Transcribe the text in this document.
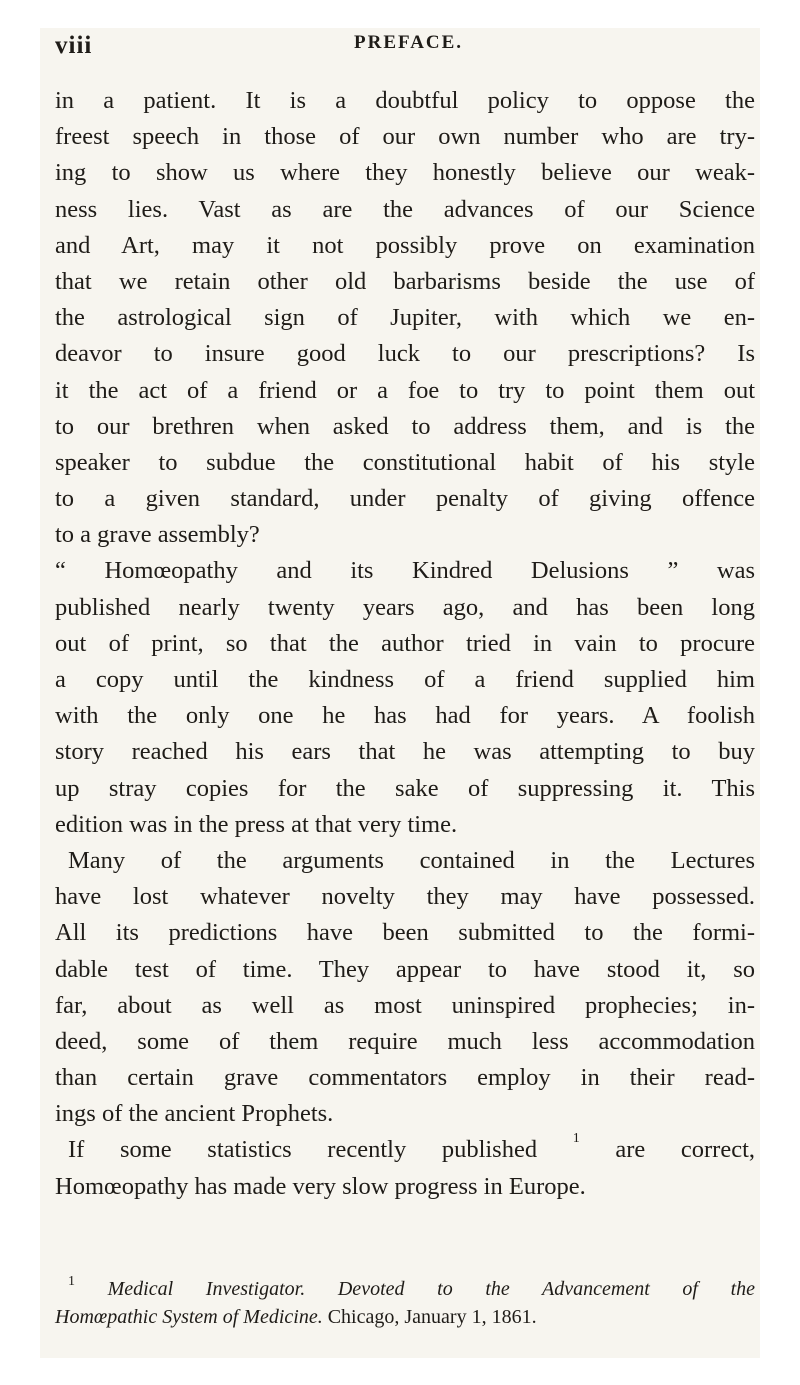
viii	PREFACE.
in a patient. It is a doubtful policy to oppose the
freest speech in those of our own number who are try-
ing to show us where they honestly believe our weak-
ness lies. Vast as are the advances of our Science
and Art, may it not possibly prove on examination
that we retain other old barbarisms beside the use of
the astrological sign of Jupiter, with which we en-
deavor to insure good luck to our prescriptions? Is
it the act of a friend or a foe to try to point them out
to our brethren when asked to address them, and is the
speaker to subdue the constitutional habit of his style
to a given standard, under penalty of giving offence
to a grave assembly?
“ Homœopathy and its Kindred Delusions ” was
published nearly twenty years ago, and has been long
out of print, so that the author tried in vain to procure
a copy until the kindness of a friend supplied him
with the only one he has had for years. A foolish
story reached his ears that he was attempting to buy
up stray copies for the sake of suppressing it. This
edition was in the press at that very time.
Many of the arguments contained in the Lectures
have lost whatever novelty they may have possessed.
All its predictions have been submitted to the formi-
dable test of time. They appear to have stood it, so
far, about as well as most uninspired prophecies; in-
deed, some of them require much less accommodation
than certain grave commentators employ in their read-
ings of the ancient Prophets.
If some statistics recently published	$^1$ are correct,
Homœopathy has made very slow progress in Europe.
$^1$ Medical Investigator. Devoted to the Advancement of the
Homœpathic System of Medicine. Chicago, January 1, 1861.
